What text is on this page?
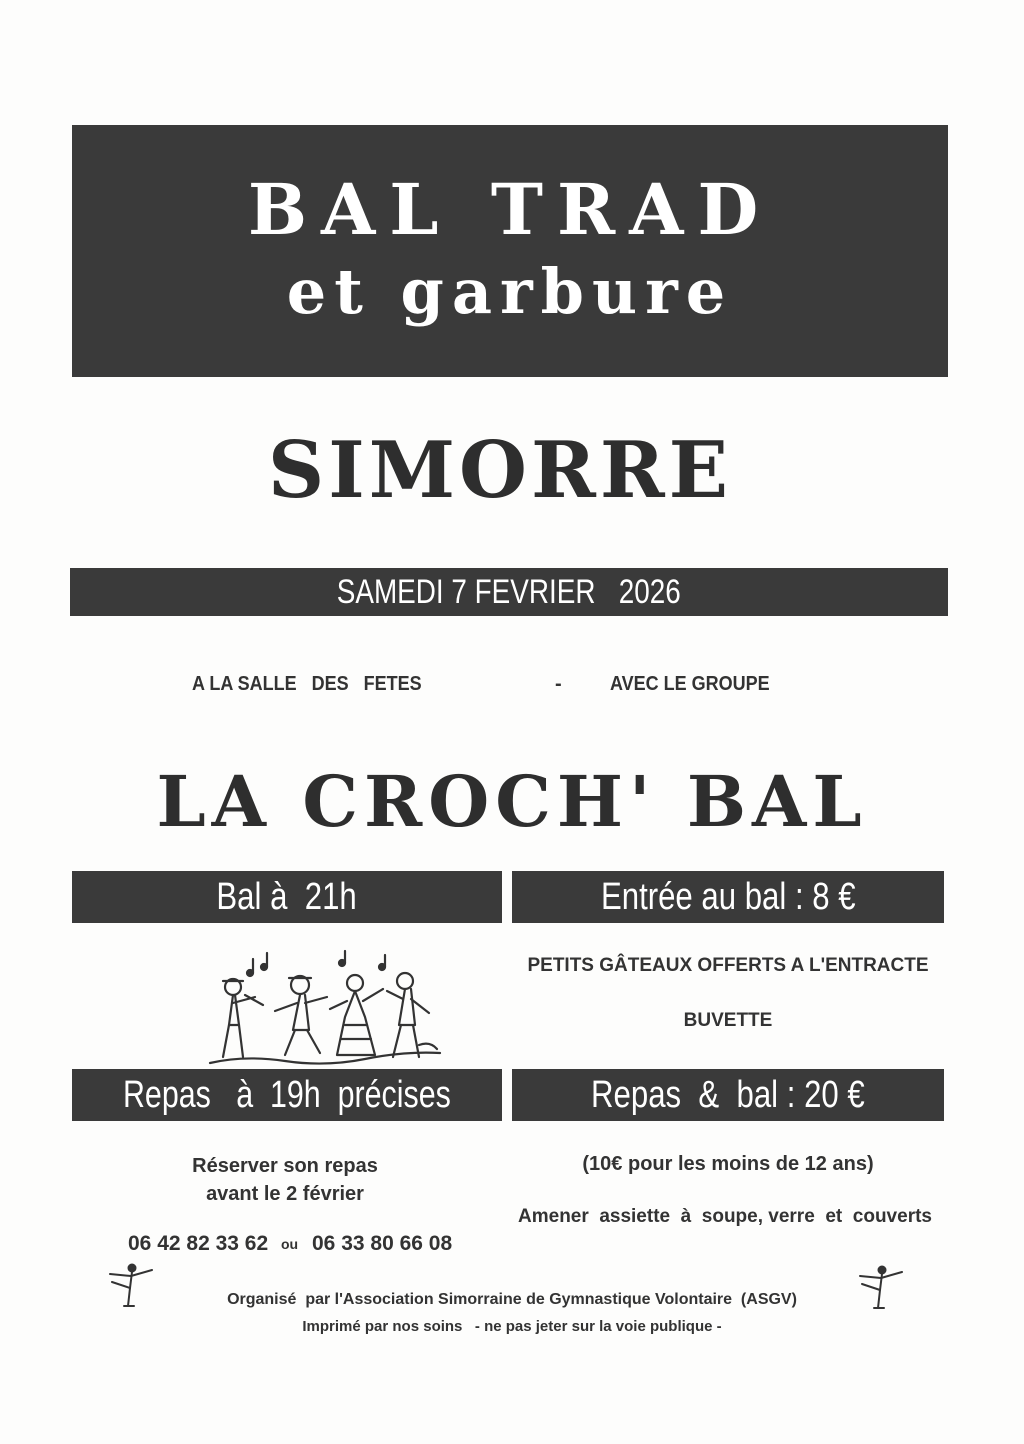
BAL TRAD
et garbure
SIMORRE
SAMEDI 7 FEVRIER   2026
A LA SALLE   DES   FETES	- AVEC LE GROUPE
LA CROCH' BAL
Bal à  21h	Entrée au bal : 8 €
PETITS GÂTEAUX OFFERTS A L'ENTRACTE
BUVETTE
Repas   à  19h  précises	Repas  &  bal : 20 €
Réserver son repas
avant le 2 février
(10€ pour les moins de 12 ans)
Amener  assiette  à  soupe, verre  et  couverts
06 42 82 33 62 ou 06 33 80 66 08
Organisé  par l'Association Simorraine de Gymnastique Volontaire  (ASGV)
Imprimé par nos soins   - ne pas jeter sur la voie publique -
